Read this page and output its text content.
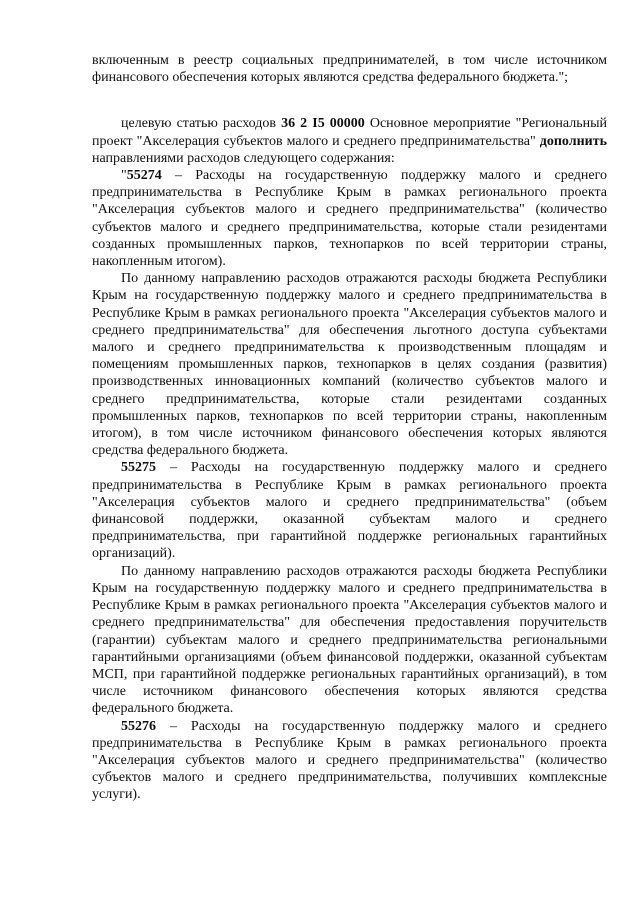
включенным в реестр социальных предпринимателей, в том числе источником финансового обеспечения которых являются средства федерального бюджета.";

целевую статью расходов 36 2 I5 00000 Основное мероприятие "Региональный проект "Акселерация субъектов малого и среднего предпринимательства" дополнить направлениями расходов следующего содержания:

"55274 – Расходы на государственную поддержку малого и среднего предпринимательства в Республике Крым в рамках регионального проекта "Акселерация субъектов малого и среднего предпринимательства" (количество субъектов малого и среднего предпринимательства, которые стали резидентами созданных промышленных парков, технопарков по всей территории страны, накопленным итогом).

По данному направлению расходов отражаются расходы бюджета Республики Крым на государственную поддержку малого и среднего предпринимательства в Республике Крым в рамках регионального проекта "Акселерация субъектов малого и среднего предпринимательства" для обеспечения льготного доступа субъектами малого и среднего предпринимательства к производственным площадям и помещениям промышленных парков, технопарков в целях создания (развития) производственных инновационных компаний (количество субъектов малого и среднего предпринимательства, которые стали резидентами созданных промышленных парков, технопарков по всей территории страны, накопленным итогом), в том числе источником финансового обеспечения которых являются средства федерального бюджета.

55275 – Расходы на государственную поддержку малого и среднего предпринимательства в Республике Крым в рамках регионального проекта "Акселерация субъектов малого и среднего предпринимательства" (объем финансовой поддержки, оказанной субъектам малого и среднего предпринимательства, при гарантийной поддержке региональных гарантийных организаций).

По данному направлению расходов отражаются расходы бюджета Республики Крым на государственную поддержку малого и среднего предпринимательства в Республике Крым в рамках регионального проекта "Акселерация субъектов малого и среднего предпринимательства" для обеспечения предоставления поручительств (гарантии) субъектам малого и среднего предпринимательства региональными гарантийными организациями (объем финансовой поддержки, оказанной субъектам МСП, при гарантийной поддержке региональных гарантийных организаций), в том числе источником финансового обеспечения которых являются средства федерального бюджета.

55276 – Расходы на государственную поддержку малого и среднего предпринимательства в Республике Крым в рамках регионального проекта "Акселерация субъектов малого и среднего предпринимательства" (количество субъектов малого и среднего предпринимательства, получивших комплексные услуги).
